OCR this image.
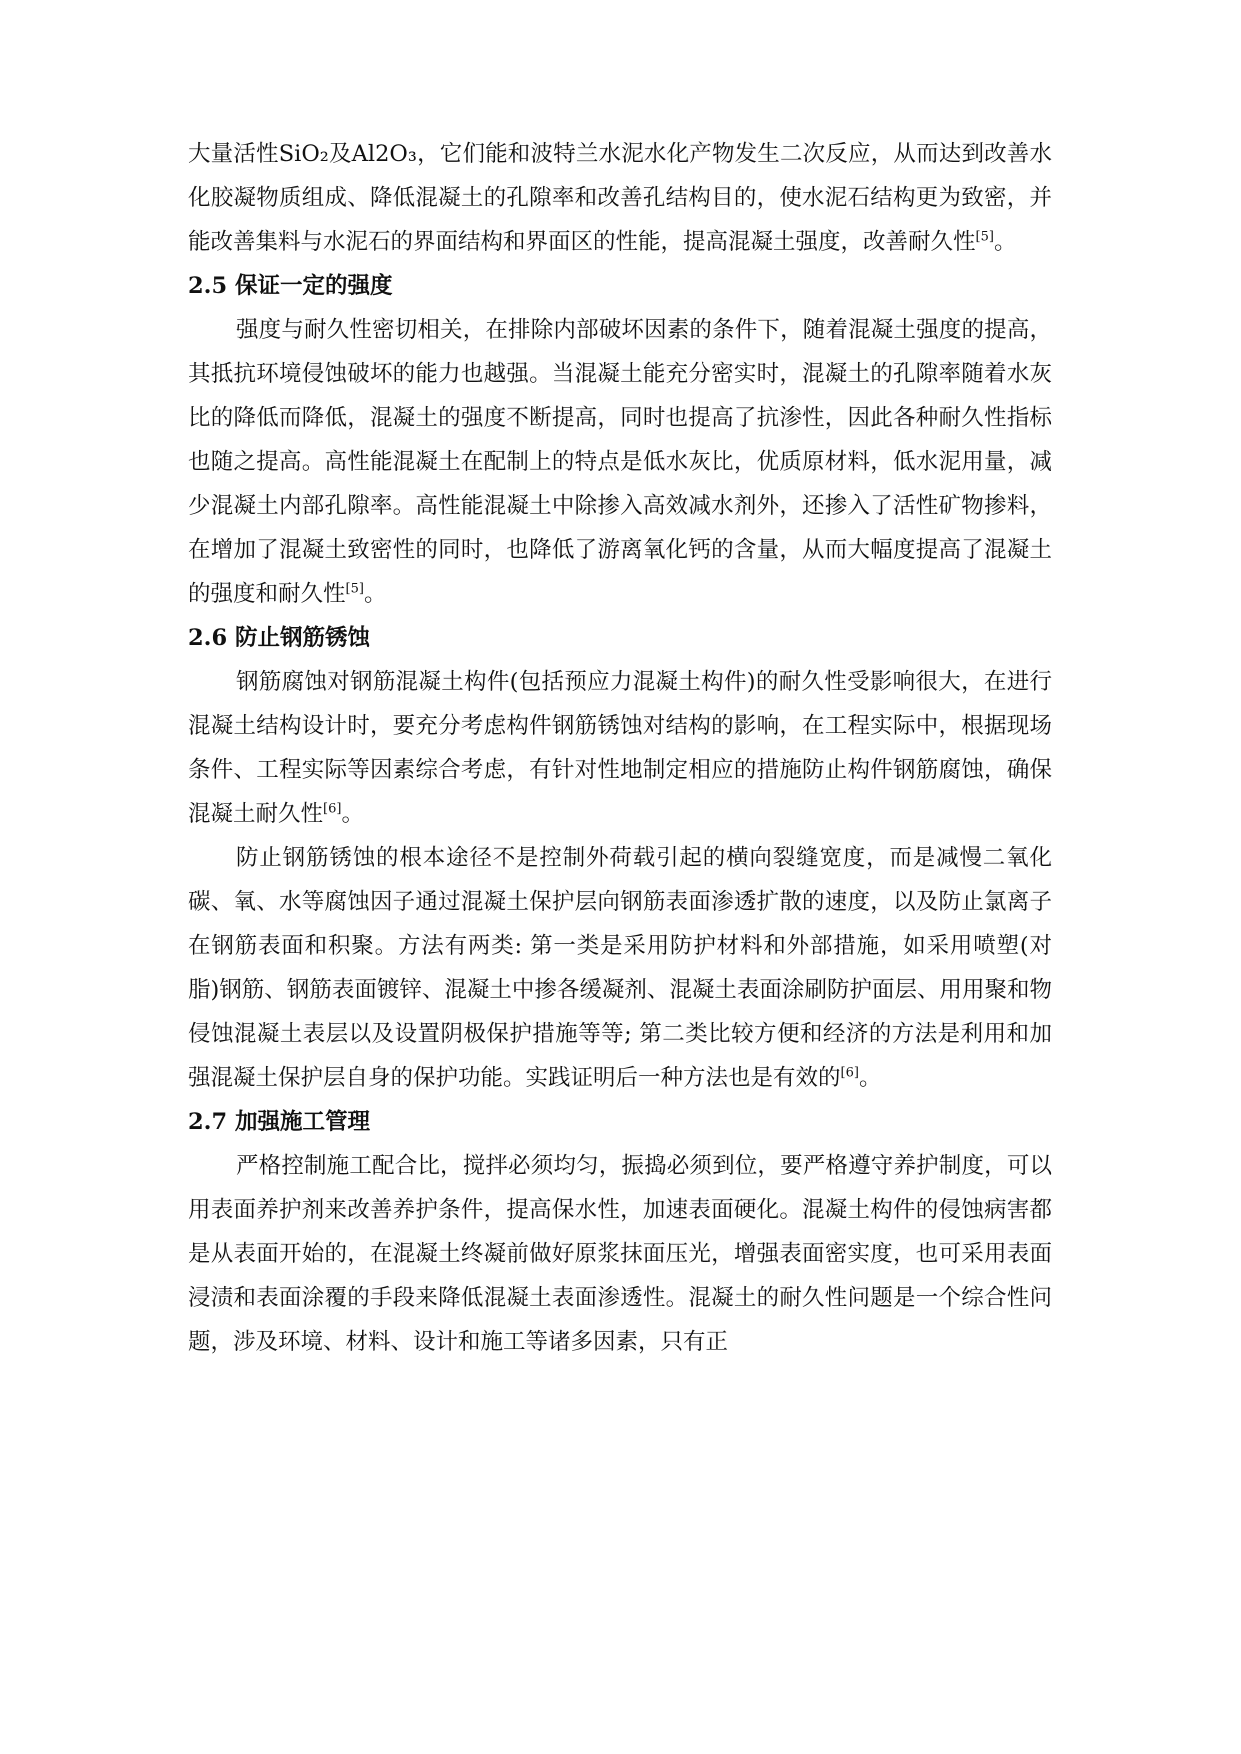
大量活性SiO₂及Al2O₃，它们能和波特兰水泥水化产物发生二次反应，从而达到改善水化胶凝物质组成、降低混凝土的孔隙率和改善孔结构目的，使水泥石结构更为致密，并能改善集料与水泥石的界面结构和界面区的性能，提高混凝土强度，改善耐久性[5]。

2.5 保证一定的强度

强度与耐久性密切相关，在排除内部破坏因素的条件下，随着混凝土强度的提高，其抵抗环境侵蚀破坏的能力也越强。当混凝土能充分密实时，混凝土的孔隙率随着水灰比的降低而降低，混凝土的强度不断提高，同时也提高了抗渗性，因此各种耐久性指标也随之提高。高性能混凝土在配制上的特点是低水灰比，优质原材料，低水泥用量，减少混凝土内部孔隙率。高性能混凝土中除掺入高效减水剂外，还掺入了活性矿物掺料，在增加了混凝土致密性的同时，也降低了游离氧化钙的含量，从而大幅度提高了混凝土的强度和耐久性[5]。

2.6 防止钢筋锈蚀

钢筋腐蚀对钢筋混凝土构件(包括预应力混凝土构件)的耐久性受影响很大，在进行混凝土结构设计时，要充分考虑构件钢筋锈蚀对结构的影响，在工程实际中，根据现场条件、工程实际等因素综合考虑，有针对性地制定相应的措施防止构件钢筋腐蚀，确保混凝土耐久性[6]。

防止钢筋锈蚀的根本途径不是控制外荷载引起的横向裂缝宽度，而是减慢二氧化碳、氧、水等腐蚀因子通过混凝土保护层向钢筋表面渗透扩散的速度，以及防止氯离子在钢筋表面和积聚。方法有两类: 第一类是采用防护材料和外部措施，如采用喷塑(对脂)钢筋、钢筋表面镀锌、混凝土中掺各缓凝剂、混凝土表面涂刷防护面层、用用聚和物侵蚀混凝土表层以及设置阴极保护措施等等; 第二类比较方便和经济的方法是利用和加强混凝土保护层自身的保护功能。实践证明后一种方法也是有效的[6]。

2.7 加强施工管理

严格控制施工配合比，搅拌必须均匀，振捣必须到位，要严格遵守养护制度，可以用表面养护剂来改善养护条件，提高保水性，加速表面硬化。混凝土构件的侵蚀病害都是从表面开始的，在混凝土终凝前做好原浆抹面压光，增强表面密实度，也可采用表面浸渍和表面涂覆的手段来降低混凝土表面渗透性。混凝土的耐久性问题是一个综合性问题，涉及环境、材料、设计和施工等诸多因素，只有正
